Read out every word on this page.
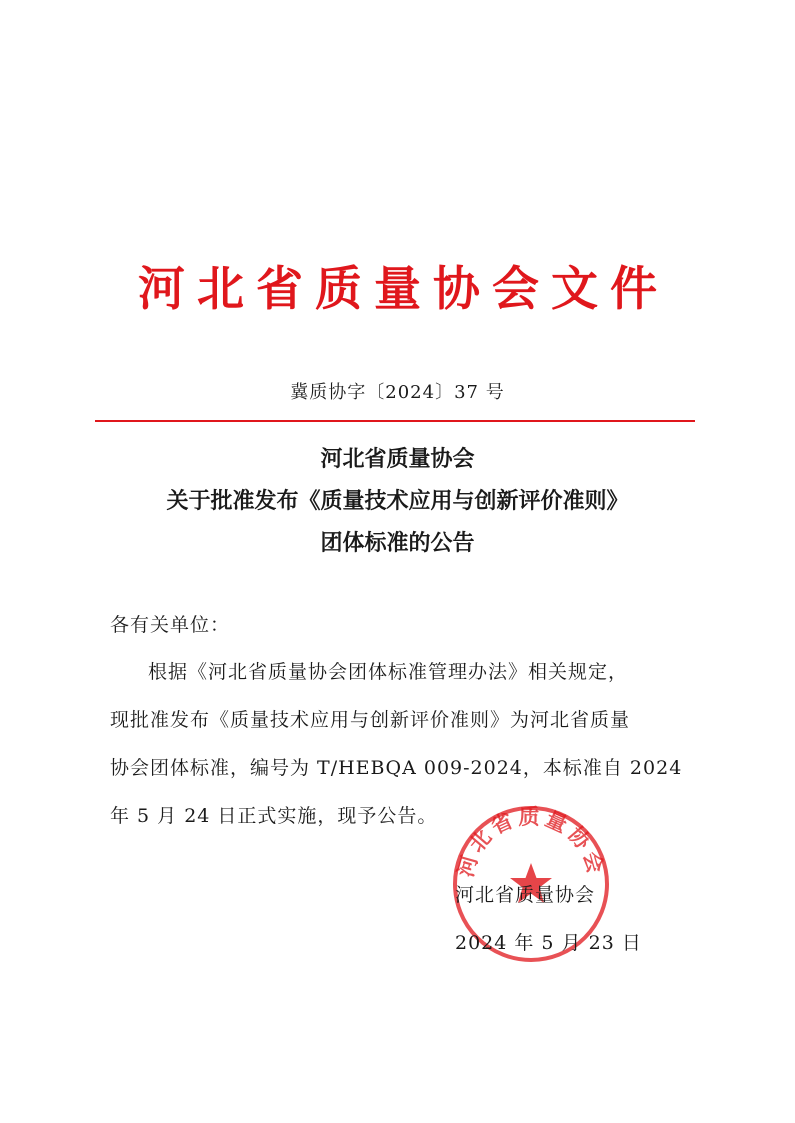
河北省质量协会文件
冀质协字〔2024〕37 号
河北省质量协会
关于批准发布《质量技术应用与创新评价准则》
团体标准的公告
各有关单位：
根据《河北省质量协会团体标准管理办法》相关规定，
现批准发布《质量技术应用与创新评价准则》为河北省质量
协会团体标准，编号为 T/HEBQA 009-2024，本标准自 2024
年 5 月 24 日正式实施，现予公告。
河北省质量协会
河北省质量协会
2024 年 5 月 23 日
